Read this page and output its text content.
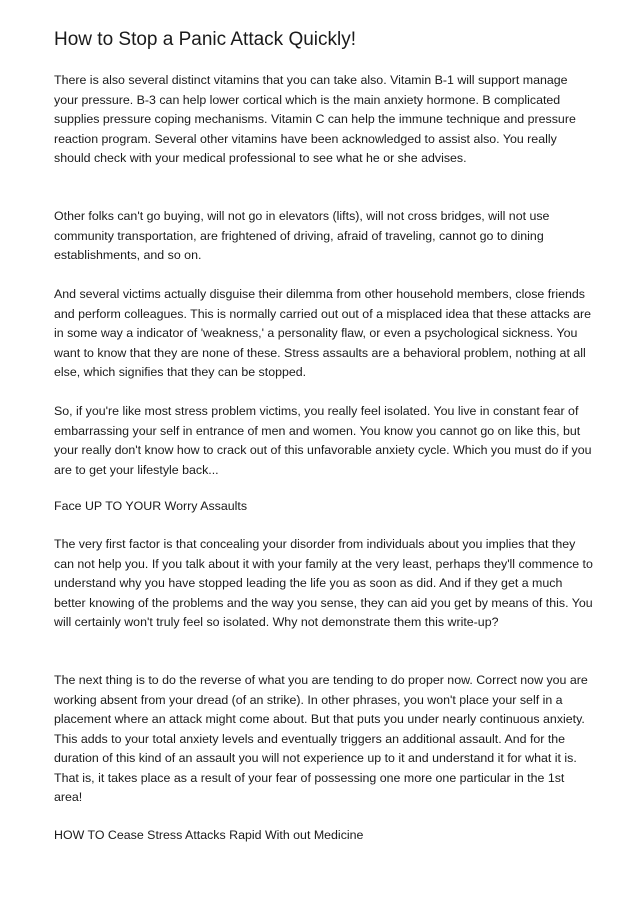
How to Stop a Panic Attack Quickly!

There is also several distinct vitamins that you can take also. Vitamin B-1 will support manage your pressure. B-3 can help lower cortical which is the main anxiety hormone. B complicated supplies pressure coping mechanisms. Vitamin C can help the immune technique and pressure reaction program. Several other vitamins have been acknowledged to assist also. You really should check with your medical professional to see what he or she advises.

Other folks can't go buying, will not go in elevators (lifts), will not cross bridges, will not use community transportation, are frightened of driving, afraid of traveling, cannot go to dining establishments, and so on.

And several victims actually disguise their dilemma from other household members, close friends and perform colleagues. This is normally carried out out of a misplaced idea that these attacks are in some way a indicator of 'weakness,' a personality flaw, or even a psychological sickness. You want to know that they are none of these. Stress assaults are a behavioral problem, nothing at all else, which signifies that they can be stopped.

So, if you're like most stress problem victims, you really feel isolated. You live in constant fear of embarrassing your self in entrance of men and women. You know you cannot go on like this, but your really don't know how to crack out of this unfavorable anxiety cycle. Which you must do if you are to get your lifestyle back...

Face UP TO YOUR Worry Assaults

The very first factor is that concealing your disorder from individuals about you implies that they can not help you. If you talk about it with your family at the very least, perhaps they'll commence to understand why you have stopped leading the life you as soon as did. And if they get a much better knowing of the problems and the way you sense, they can aid you get by means of this. You will certainly won't truly feel so isolated. Why not demonstrate them this write-up?

The next thing is to do the reverse of what you are tending to do proper now. Correct now you are working absent from your dread (of an strike). In other phrases, you won't place your self in a placement where an attack might come about. But that puts you under nearly continuous anxiety. This adds to your total anxiety levels and eventually triggers an additional assault. And for the duration of this kind of an assault you will not experience up to it and understand it for what it is. That is, it takes place as a result of your fear of possessing one more one particular in the 1st area!

HOW TO Cease Stress Attacks Rapid With out Medicine
